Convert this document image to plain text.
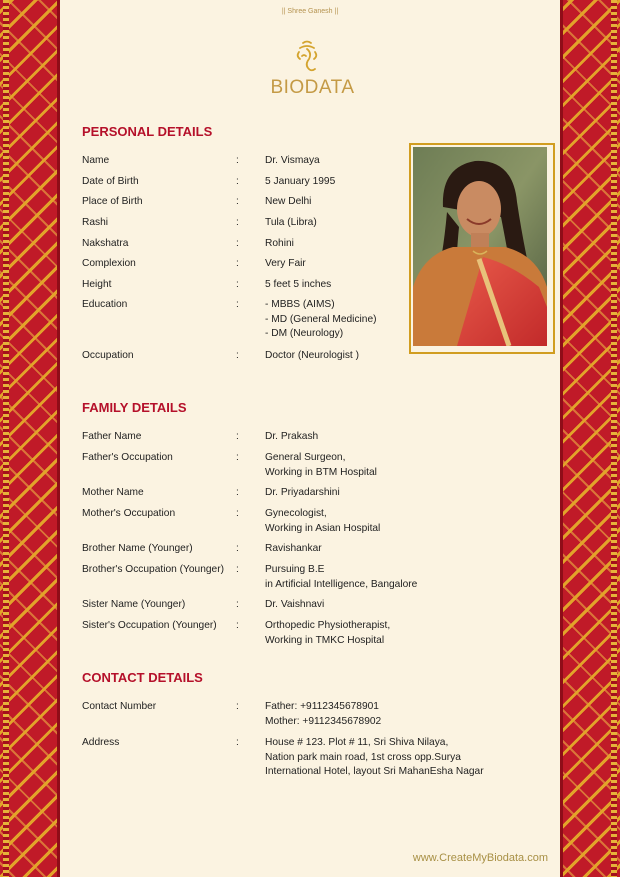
|| Shree Ganesh ||
BIODATA
PERSONAL DETAILS
Name	:	Dr. Vismaya
Date of Birth	:	5 January 1995
Place of Birth	:	New Delhi
Rashi	:	Tula (Libra)
Nakshatra	:	Rohini
Complexion	:	Very Fair
Height	:	5 feet 5 inches
Education	:	- MBBS (AIMS)
- MD (General Medicine)
- DM (Neurology)
Occupation	:	Doctor (Neurologist )
FAMILY DETAILS
Father Name	:	Dr. Prakash
Father's Occupation	:	General Surgeon,
Working in BTM Hospital
Mother Name	:	Dr. Priyadarshini
Mother's Occupation	:	Gynecologist,
Working in Asian Hospital
Brother Name (Younger)	:	Ravishankar
Brother's Occupation (Younger)	:	Pursuing B.E
in Artificial Intelligence, Bangalore
Sister Name (Younger)	:	Dr. Vaishnavi
Sister's Occupation (Younger)	:	Orthopedic Physiotherapist,
Working in TMKC Hospital
CONTACT DETAILS
Contact Number	:	Father: +9112345678901
Mother: +9112345678902
Address	:	House # 123. Plot # 11, Sri Shiva Nilaya,
Nation park main road, 1st cross opp.Surya
International Hotel, layout Sri MahanEsha Nagar
www.CreateMyBiodata.com
